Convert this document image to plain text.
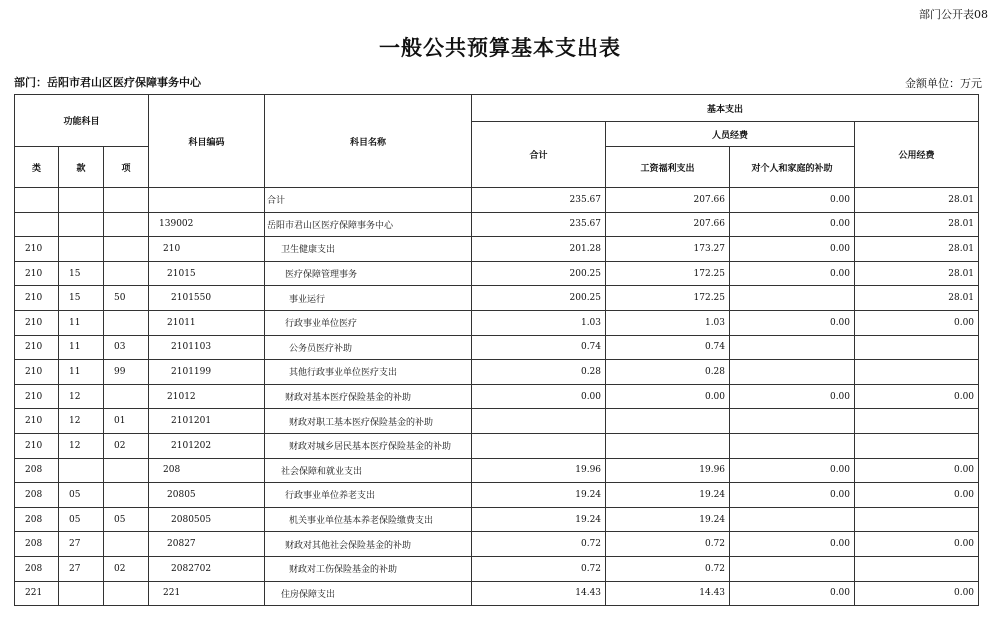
部门公开表08
一般公共预算基本支出表
部门：岳阳市君山区医疗保障事务中心	金额单位：万元
功能科目			科目编码	科目名称	基本支出			
					合计	人员经费		公用经费
类	款	项				工资福利支出	对个人和家庭的补助	
				合计	235.67	207.66	0.00	28.01
			139002	岳阳市君山区医疗保障事务中心	235.67	207.66	0.00	28.01
210			210	卫生健康支出	201.28	173.27	0.00	28.01
210	15		21015	医疗保障管理事务	200.25	172.25	0.00	28.01
210	15	50	2101550	事业运行	200.25	172.25		28.01
210	11		21011	行政事业单位医疗	1.03	1.03	0.00	0.00
210	11	03	2101103	公务员医疗补助	0.74	0.74		
210	11	99	2101199	其他行政事业单位医疗支出	0.28	0.28		
210	12		21012	财政对基本医疗保险基金的补助	0.00	0.00	0.00	0.00
210	12	01	2101201	财政对职工基本医疗保险基金的补助				
210	12	02	2101202	财政对城乡居民基本医疗保险基金的补助				
208			208	社会保障和就业支出	19.96	19.96	0.00	0.00
208	05		20805	行政事业单位养老支出	19.24	19.24	0.00	0.00
208	05	05	2080505	机关事业单位基本养老保险缴费支出	19.24	19.24		
208	27		20827	财政对其他社会保险基金的补助	0.72	0.72	0.00	0.00
208	27	02	2082702	财政对工伤保险基金的补助	0.72	0.72		
221			221	住房保障支出	14.43	14.43	0.00	0.00
